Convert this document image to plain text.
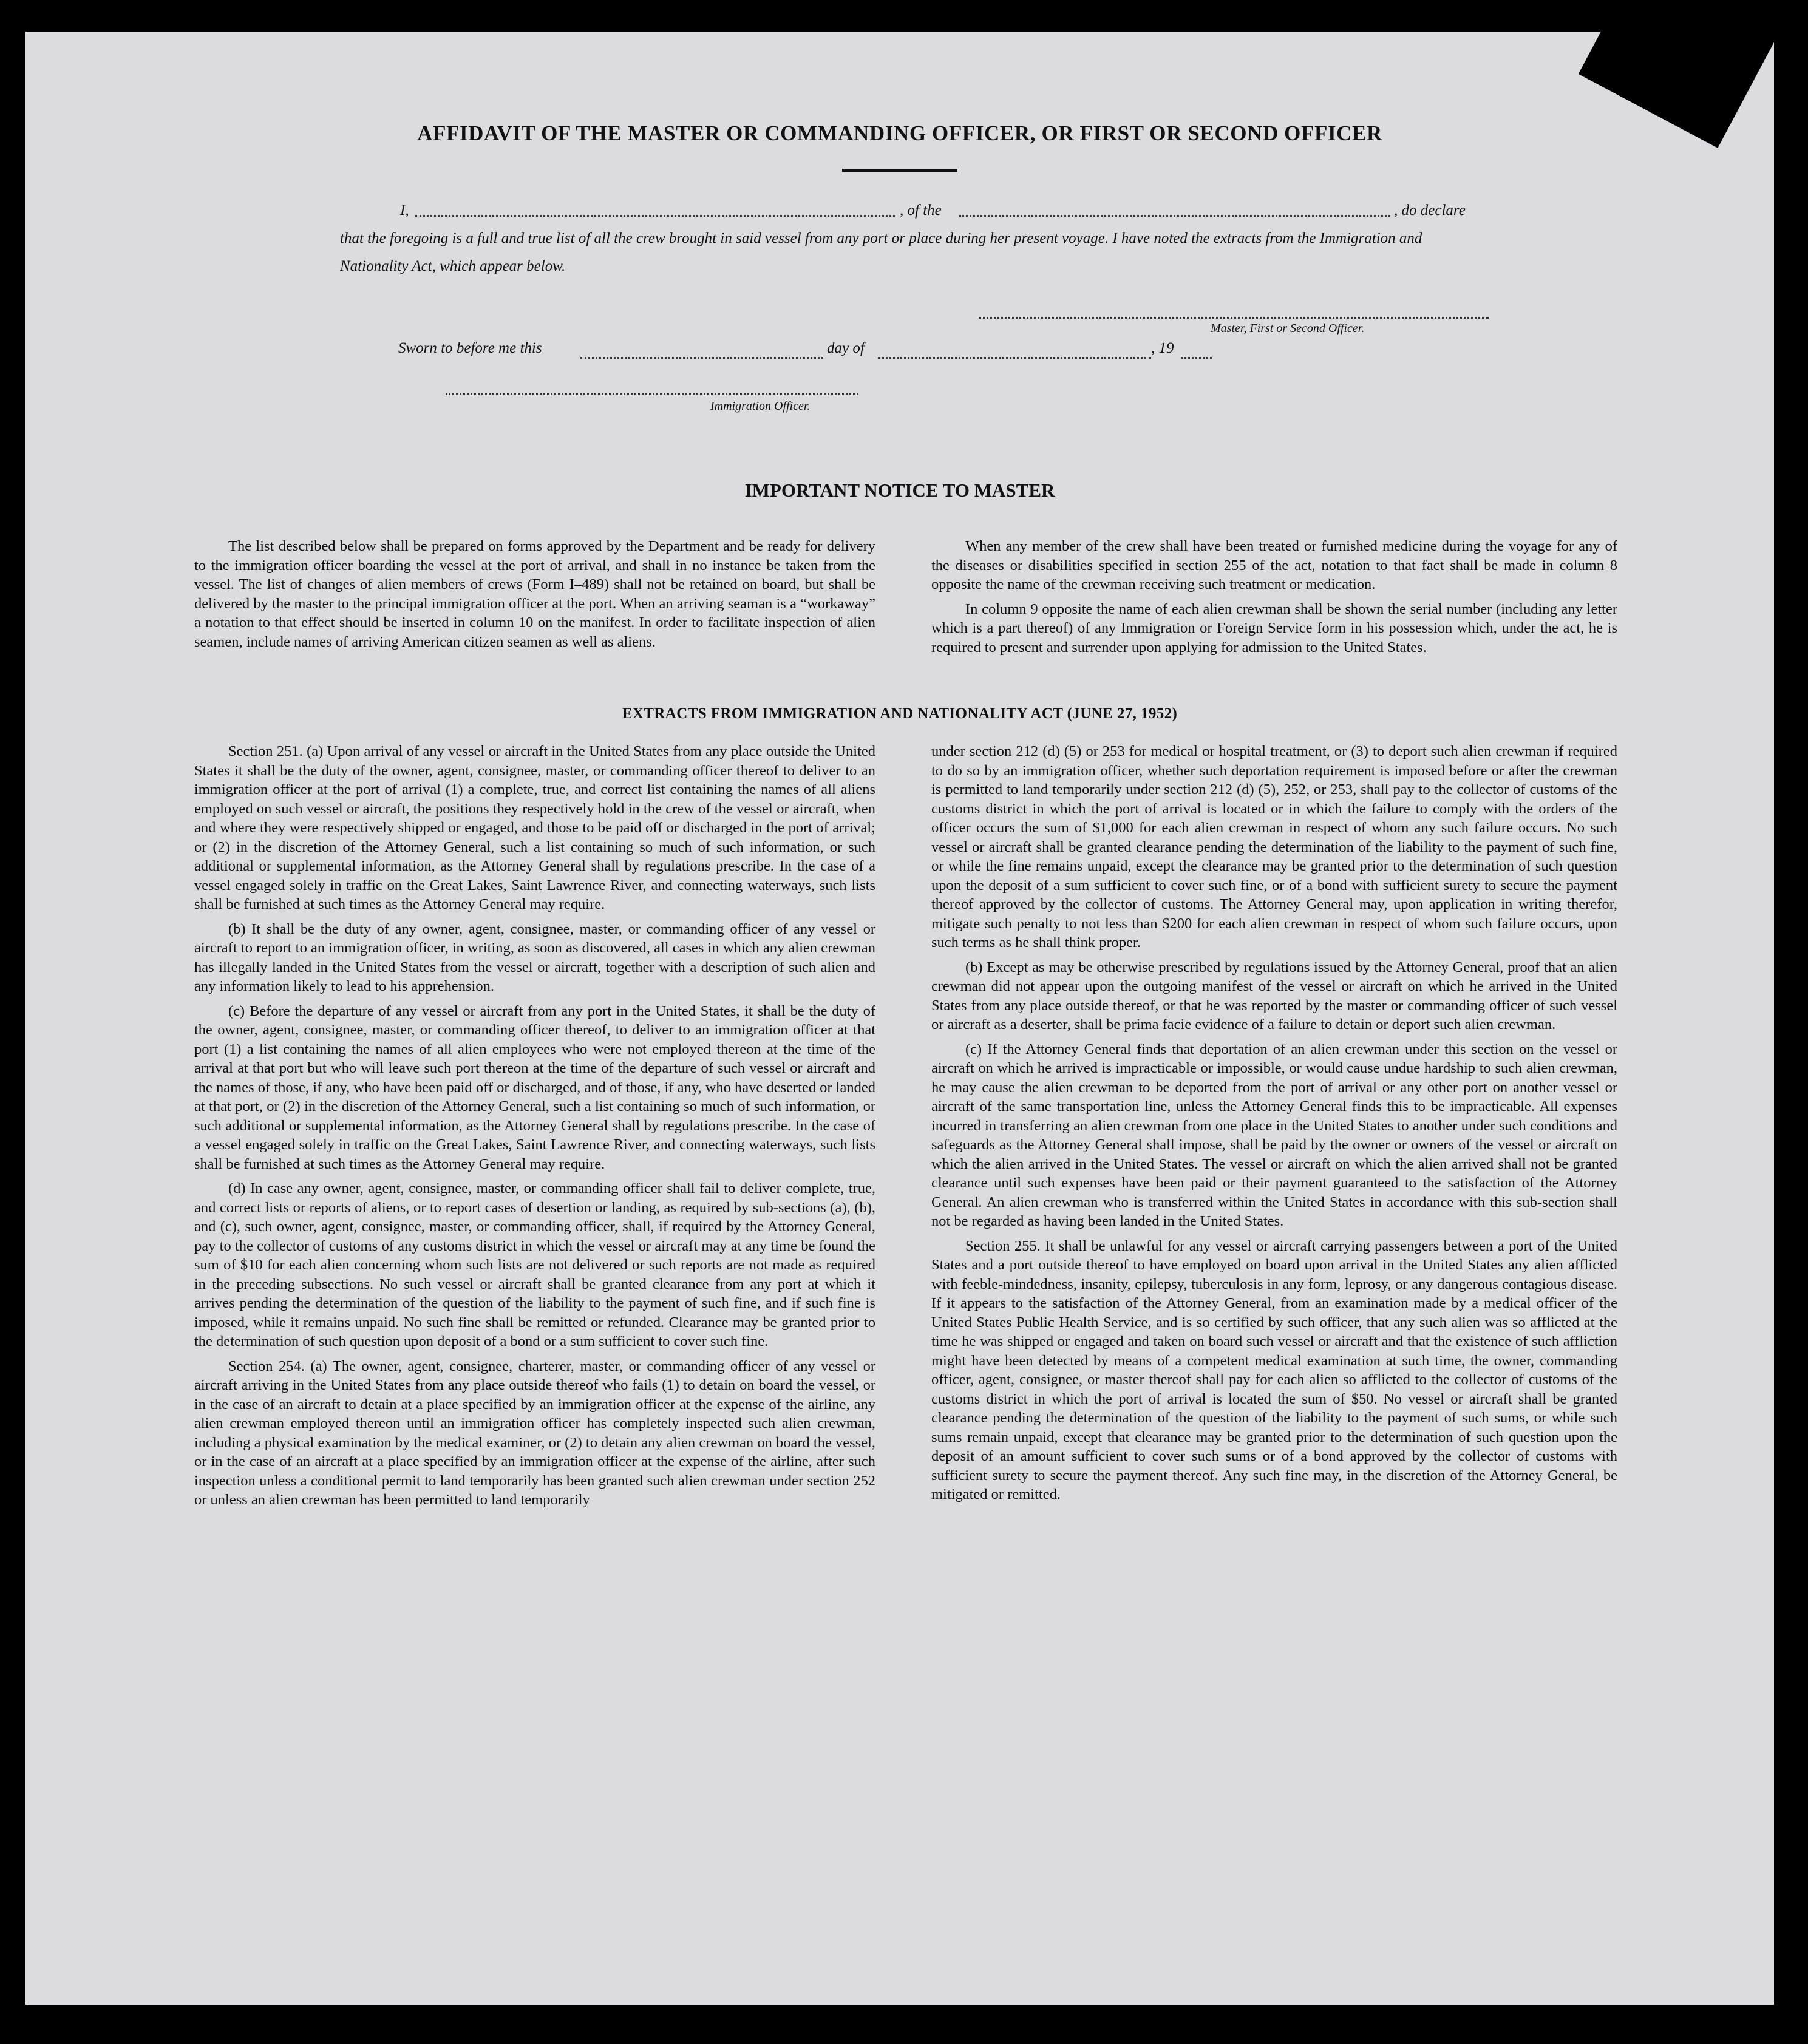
AFFIDAVIT OF THE MASTER OR COMMANDING OFFICER, OR FIRST OR SECOND OFFICER
I,	, of the	, do declare

that the foregoing is a full and true list of all the crew brought in said vessel from any port or place during her present voyage. I have noted the extracts from the Immigration and Nationality Act, which appear below.

Master, First or Second Officer.
Sworn to before me this	day of	, 19
Immigration Officer.
IMPORTANT NOTICE TO MASTER

The list described below shall be prepared on forms approved by the Department and be ready for delivery to the immigration officer boarding the vessel at the port of arrival, and shall in no instance be taken from the vessel. The list of changes of alien members of crews (Form I–489) shall not be retained on board, but shall be delivered by the master to the principal immigration officer at the port. When an arriving seaman is a “workaway” a notation to that effect should be inserted in column 10 on the manifest. In order to facilitate inspection of alien seamen, include names of arriving American citizen seamen as well as aliens.

When any member of the crew shall have been treated or furnished medicine during the voyage for any of the diseases or disabilities specified in section 255 of the act, notation to that fact shall be made in column 8 opposite the name of the crewman receiving such treatment or medication.

In column 9 opposite the name of each alien crewman shall be shown the serial number (including any letter which is a part thereof) of any Immigration or Foreign Service form in his possession which, under the act, he is required to present and surrender upon applying for admission to the United States.

EXTRACTS FROM IMMIGRATION AND NATIONALITY ACT (JUNE 27, 1952)

Section 251. (a) Upon arrival of any vessel or aircraft in the United States from any place outside the United States it shall be the duty of the owner, agent, consignee, master, or commanding officer thereof to deliver to an immigration officer at the port of arrival (1) a complete, true, and correct list containing the names of all aliens employed on such vessel or aircraft, the positions they respectively hold in the crew of the vessel or aircraft, when and where they were respectively shipped or engaged, and those to be paid off or discharged in the port of arrival; or (2) in the discretion of the Attorney General, such a list containing so much of such information, or such additional or supplemental information, as the Attorney General shall by regulations prescribe. In the case of a vessel engaged solely in traffic on the Great Lakes, Saint Lawrence River, and connecting waterways, such lists shall be furnished at such times as the Attorney General may require.

(b) It shall be the duty of any owner, agent, consignee, master, or commanding officer of any vessel or aircraft to report to an immigration officer, in writing, as soon as discovered, all cases in which any alien crewman has illegally landed in the United States from the vessel or aircraft, together with a description of such alien and any information likely to lead to his apprehension.

(c) Before the departure of any vessel or aircraft from any port in the United States, it shall be the duty of the owner, agent, consignee, master, or commanding officer thereof, to deliver to an immigration officer at that port (1) a list containing the names of all alien employees who were not employed thereon at the time of the arrival at that port but who will leave such port thereon at the time of the departure of such vessel or aircraft and the names of those, if any, who have been paid off or discharged, and of those, if any, who have deserted or landed at that port, or (2) in the discretion of the Attorney General, such a list containing so much of such information, or such additional or supplemental information, as the Attorney General shall by regulations prescribe. In the case of a vessel engaged solely in traffic on the Great Lakes, Saint Lawrence River, and connecting waterways, such lists shall be furnished at such times as the Attorney General may require.

(d) In case any owner, agent, consignee, master, or commanding officer shall fail to deliver complete, true, and correct lists or reports of aliens, or to report cases of desertion or landing, as required by sub-sections (a), (b), and (c), such owner, agent, consignee, master, or commanding officer, shall, if required by the Attorney General, pay to the collector of customs of any customs district in which the vessel or aircraft may at any time be found the sum of $10 for each alien concerning whom such lists are not delivered or such reports are not made as required in the preceding subsections. No such vessel or aircraft shall be granted clearance from any port at which it arrives pending the determination of the question of the liability to the payment of such fine, and if such fine is imposed, while it remains unpaid. No such fine shall be remitted or refunded. Clearance may be granted prior to the determination of such question upon deposit of a bond or a sum sufficient to cover such fine.

Section 254. (a) The owner, agent, consignee, charterer, master, or commanding officer of any vessel or aircraft arriving in the United States from any place outside thereof who fails (1) to detain on board the vessel, or in the case of an aircraft to detain at a place specified by an immigration officer at the expense of the airline, any alien crewman employed thereon until an immigration officer has completely inspected such alien crewman, including a physical examination by the medical examiner, or (2) to detain any alien crewman on board the vessel, or in the case of an aircraft at a place specified by an immigration officer at the expense of the airline, after such inspection unless a conditional permit to land temporarily has been granted such alien crewman under section 252 or unless an alien crewman has been permitted to land temporarily

under section 212 (d) (5) or 253 for medical or hospital treatment, or (3) to deport such alien crewman if required to do so by an immigration officer, whether such deportation requirement is imposed before or after the crewman is permitted to land temporarily under section 212 (d) (5), 252, or 253, shall pay to the collector of customs of the customs district in which the port of arrival is located or in which the failure to comply with the orders of the officer occurs the sum of $1,000 for each alien crewman in respect of whom any such failure occurs. No such vessel or aircraft shall be granted clearance pending the determination of the liability to the payment of such fine, or while the fine remains unpaid, except the clearance may be granted prior to the determination of such question upon the deposit of a sum sufficient to cover such fine, or of a bond with sufficient surety to secure the payment thereof approved by the collector of customs. The Attorney General may, upon application in writing therefor, mitigate such penalty to not less than $200 for each alien crewman in respect of whom such failure occurs, upon such terms as he shall think proper.

(b) Except as may be otherwise prescribed by regulations issued by the Attorney General, proof that an alien crewman did not appear upon the outgoing manifest of the vessel or aircraft on which he arrived in the United States from any place outside thereof, or that he was reported by the master or commanding officer of such vessel or aircraft as a deserter, shall be prima facie evidence of a failure to detain or deport such alien crewman.

(c) If the Attorney General finds that deportation of an alien crewman under this section on the vessel or aircraft on which he arrived is impracticable or impossible, or would cause undue hardship to such alien crewman, he may cause the alien crewman to be deported from the port of arrival or any other port on another vessel or aircraft of the same transportation line, unless the Attorney General finds this to be impracticable. All expenses incurred in transferring an alien crewman from one place in the United States to another under such conditions and safeguards as the Attorney General shall impose, shall be paid by the owner or owners of the vessel or aircraft on which the alien arrived in the United States. The vessel or aircraft on which the alien arrived shall not be granted clearance until such expenses have been paid or their payment guaranteed to the satisfaction of the Attorney General. An alien crewman who is transferred within the United States in accordance with this sub-section shall not be regarded as having been landed in the United States.

Section 255. It shall be unlawful for any vessel or aircraft carrying passengers between a port of the United States and a port outside thereof to have employed on board upon arrival in the United States any alien afflicted with feeble-mindedness, insanity, epilepsy, tuberculosis in any form, leprosy, or any dangerous contagious disease. If it appears to the satisfaction of the Attorney General, from an examination made by a medical officer of the United States Public Health Service, and is so certified by such officer, that any such alien was so afflicted at the time he was shipped or engaged and taken on board such vessel or aircraft and that the existence of such affliction might have been detected by means of a competent medical examination at such time, the owner, commanding officer, agent, consignee, or master thereof shall pay for each alien so afflicted to the collector of customs of the customs district in which the port of arrival is located the sum of $50. No vessel or aircraft shall be granted clearance pending the determination of the question of the liability to the payment of such sums, or while such sums remain unpaid, except that clearance may be granted prior to the determination of such question upon the deposit of an amount sufficient to cover such sums or of a bond approved by the collector of customs with sufficient surety to secure the payment thereof. Any such fine may, in the discretion of the Attorney General, be mitigated or remitted.
